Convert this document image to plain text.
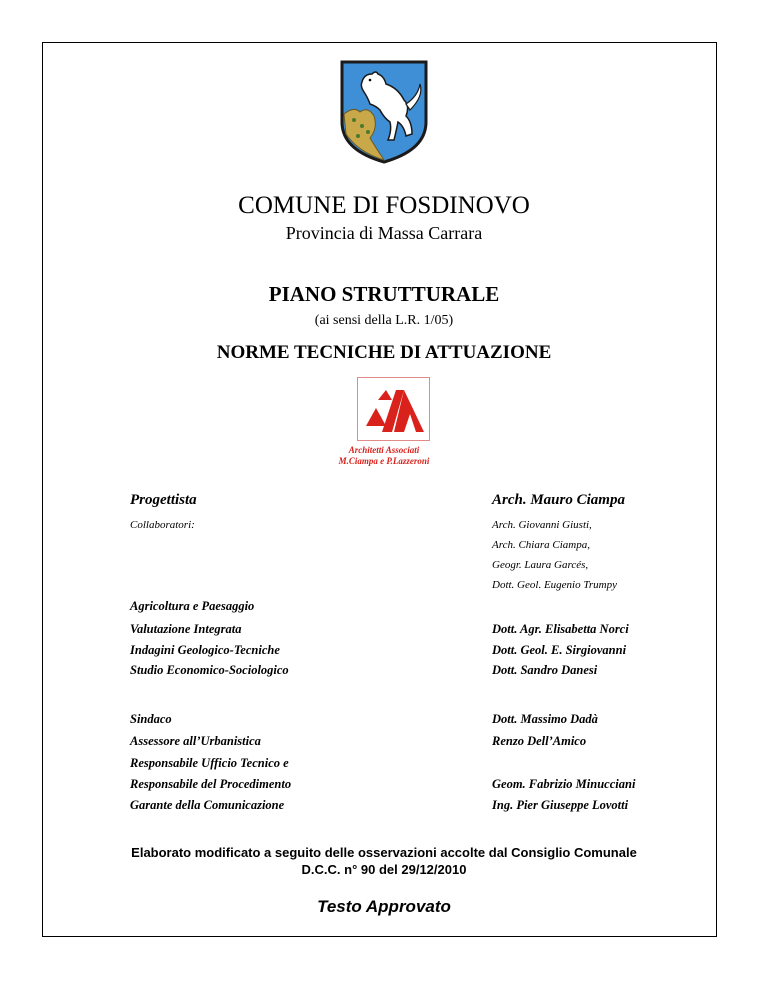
COMUNE DI FOSDINOVO
Provincia di Massa Carrara
PIANO STRUTTURALE
(ai sensi della L.R. 1/05)
NORME TECNICHE DI ATTUAZIONE
Architetti Associati
M.Ciampa e P.Lazzeroni
Progettista	Arch. Mauro Ciampa
Collaboratori:	Arch. Giovanni Giusti,
Arch. Chiara Ciampa,
Geogr. Laura Garcés,
Dott. Geol. Eugenio Trumpy
Agricoltura e Paesaggio
Valutazione Integrata	Dott. Agr. Elisabetta Norci
Indagini Geologico-Tecniche	Dott. Geol. E. Sirgiovanni
Studio Economico-Sociologico	Dott. Sandro Danesi
Sindaco	Dott. Massimo Dadà
Assessore all’Urbanistica	Renzo Dell’Amico
Responsabile Ufficio Tecnico e
Responsabile del Procedimento	Geom. Fabrizio Minucciani
Garante della Comunicazione	Ing. Pier Giuseppe Lovotti
Elaborato modificato a seguito delle osservazioni accolte dal Consiglio Comunale
D.C.C. n° 90 del 29/12/2010
Testo Approvato
